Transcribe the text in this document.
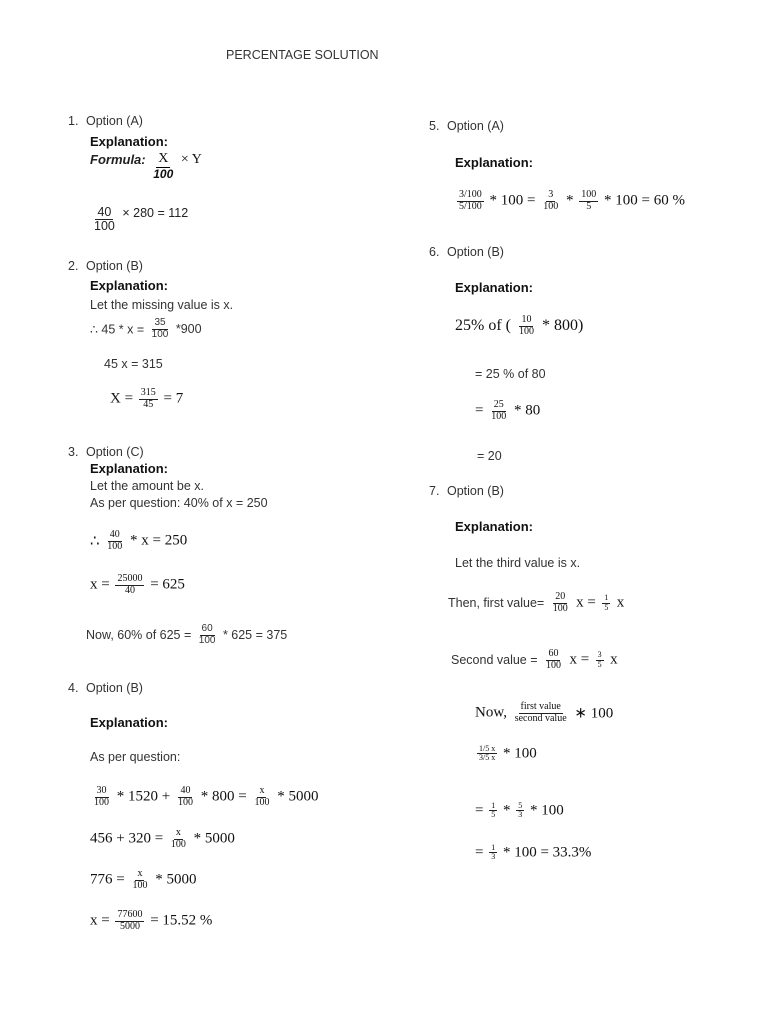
PERCENTAGE SOLUTION
1. Option (A)
Explanation:
Formula: $\frac{X}{100} \times Y$
$\frac{40}{100} \times 280 = 112$
2. Option (B)
Explanation:
Let the missing value is x.
∴ $45 * x = \frac{35}{100} *900$
45 x = 315
$X = \frac{315}{45} = 7$
3. Option (C)
Explanation:
Let the amount be x.
As per question: 40% of x = 250
∴ $\frac{40}{100} * x = 250$
$x = \frac{25000}{40} = 625$
Now, 60% of $625 = \frac{60}{100} * 625 = 375$
4. Option (B)
Explanation:
As per question:
$\frac{30}{100} * 1520 + \frac{40}{100} * 800 = \frac{x}{100} * 5000$
$456 + 320 = \frac{x}{100} * 5000$
$776 = \frac{x}{100} * 5000$
$x = \frac{77600}{5000} = 15.52$ %
5. Option (A)
Explanation:
$\frac{3/100}{5/100} * 100 = \frac{3}{100} * \frac{100}{5} * 100 = 60$ %
6. Option (B)
Explanation:
25% of ( $\frac{10}{100} * 800$)
= 25 % of 80
= $\frac{25}{100} * 80$
= 20
7. Option (B)
Explanation:
Let the third value is x.
Then, first value= $\frac{20}{100}$ $x = \frac{1}{5}$ x
Second value = $\frac{60}{100}$ $x = \frac{3}{5}$ x
Now, $\frac{\text{first value}}{\text{second value}}$ ∗ 100
$\frac{1/5 x}{3/5 x} * 100$
= $\frac{1}{5} * \frac{5}{3} * 100$
= $\frac{1}{3} * 100 = 33.3\%$
